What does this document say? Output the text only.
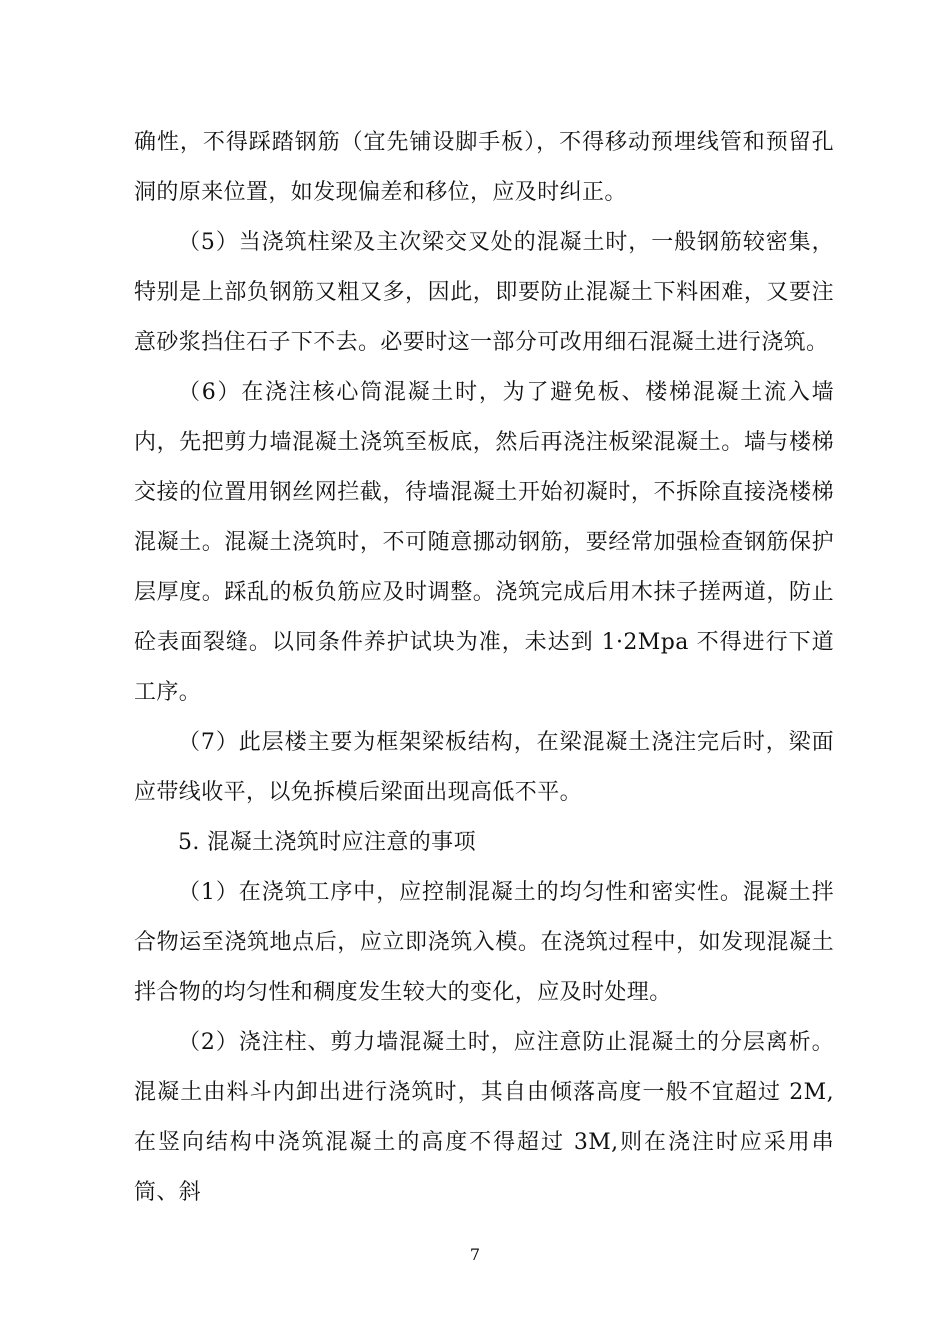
确性，不得踩踏钢筋（宜先铺设脚手板），不得移动预埋线管和预留孔洞的原来位置，如发现偏差和移位，应及时纠正。

（5）当浇筑柱梁及主次梁交叉处的混凝土时，一般钢筋较密集，特别是上部负钢筋又粗又多，因此，即要防止混凝土下料困难，又要注意砂浆挡住石子下不去。必要时这一部分可改用细石混凝土进行浇筑。

（6）在浇注核心筒混凝土时，为了避免板、楼梯混凝土流入墙内，先把剪力墙混凝土浇筑至板底，然后再浇注板梁混凝土。墙与楼梯交接的位置用钢丝网拦截，待墙混凝土开始初凝时，不拆除直接浇楼梯混凝土。混凝土浇筑时，不可随意挪动钢筋，要经常加强检查钢筋保护层厚度。踩乱的板负筋应及时调整。浇筑完成后用木抹子搓两道，防止砼表面裂缝。以同条件养护试块为准，未达到 1·2Mpa 不得进行下道工序。

（7）此层楼主要为框架梁板结构，在梁混凝土浇注完后时，梁面应带线收平，以免拆模后梁面出现高低不平。

5. 混凝土浇筑时应注意的事项

（1）在浇筑工序中，应控制混凝土的均匀性和密实性。混凝土拌合物运至浇筑地点后，应立即浇筑入模。在浇筑过程中，如发现混凝土拌合物的均匀性和稠度发生较大的变化，应及时处理。

（2）浇注柱、剪力墙混凝土时，应注意防止混凝土的分层离析。混凝土由料斗内卸出进行浇筑时，其自由倾落高度一般不宜超过 2M,在竖向结构中浇筑混凝土的高度不得超过 3M,则在浇注时应采用串筒、斜

7
